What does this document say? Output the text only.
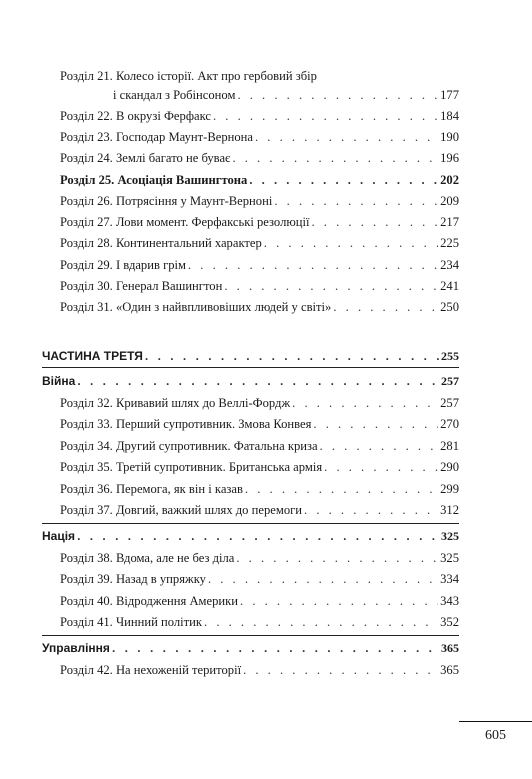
Розділ 21. Колесо історії. Акт про гербовий збір
і скандал з Робінсоном . . .	177
Розділ 22. В окрузі Ферфакс . . .	184
Розділ 23. Господар Маунт-Вернона . . .	190
Розділ 24. Землі багато не буває . . .	196
Розділ 25. Асоціація Вашингтона . . .	202
Розділ 26. Потрясіння у Маунт-Верноні . . .	209
Розділ 27. Лови момент. Ферфакські резолюції . . .	217
Розділ 28. Континентальний характер . . .	225
Розділ 29. І вдарив грім . . .	234
Розділ 30. Генерал Вашингтон . . .	241
Розділ 31. «Один з найвпливовіших людей у світі» . . .	250
ЧАСТИНА ТРЕТЯ . . .	255
Війна . . .	257
Розділ 32. Кривавий шлях до Веллі-Фордж . . .	257
Розділ 33. Перший супротивник. Змова Конвея . . .	270
Розділ 34. Другий супротивник. Фатальна криза . . .	281
Розділ 35. Третій супротивник. Британська армія . . .	290
Розділ 36. Перемога, як він і казав . . .	299
Розділ 37. Довгий, важкий шлях до перемоги . . .	312
Нація . . .	325
Розділ 38. Вдома, але не без діла . . .	325
Розділ 39. Назад в упряжку . . .	334
Розділ 40. Відродження Америки . . .	343
Розділ 41. Чинний політик . . .	352
Управління . . .	365
Розділ 42. На нехоженій території . . .	365
605
